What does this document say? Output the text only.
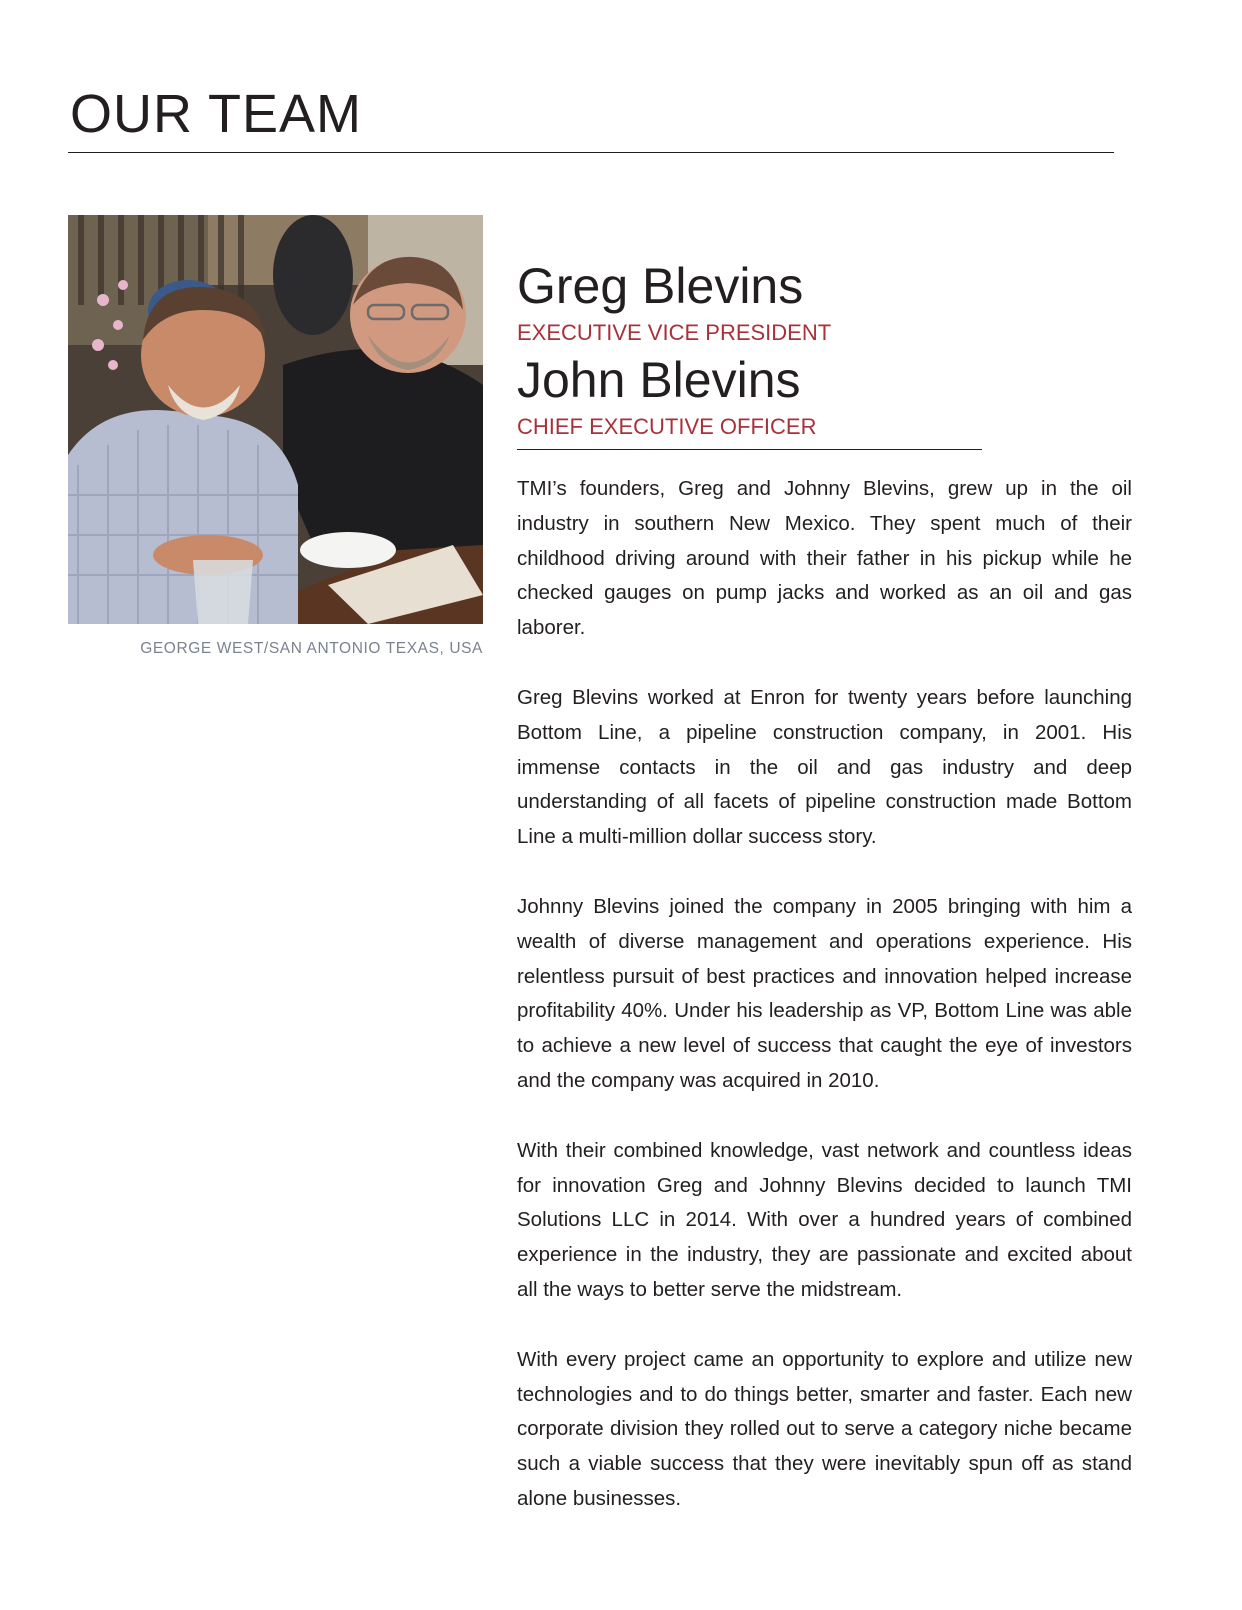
OUR TEAM
GEORGE WEST/SAN ANTONIO TEXAS, USA
Greg Blevins
EXECUTIVE VICE PRESIDENT
John Blevins
CHIEF EXECUTIVE OFFICER

TMI’s founders, Greg and Johnny Blevins, grew up in the oil industry in southern New Mexico. They spent much of their childhood driving around with their father in his pickup while he checked gauges on pump jacks and worked as an oil and gas laborer.

Greg Blevins worked at Enron for twenty years before launching Bottom Line, a pipeline construction company, in 2001. His immense contacts in the oil and gas industry and deep understanding of all facets of pipeline construction made Bottom Line a multi-million dollar success story.

Johnny Blevins joined the company in 2005 bringing with him a wealth of diverse management and operations experience. His relentless pursuit of best practices and innovation helped increase profitability 40%. Under his leadership as VP, Bottom Line was able to achieve a new level of success that caught the eye of investors and the company was acquired in 2010.

With their combined knowledge, vast network and countless ideas for innovation Greg and Johnny Blevins decided to launch TMI Solutions LLC in 2014. With over a hundred years of combined experience in the industry, they are passionate and excited about all the ways to better serve the midstream.

With every project came an opportunity to explore and utilize new technologies and to do things better, smarter and faster. Each new corporate division they rolled out to serve a category niche became such a viable success that they were inevitably spun off as stand alone businesses.
